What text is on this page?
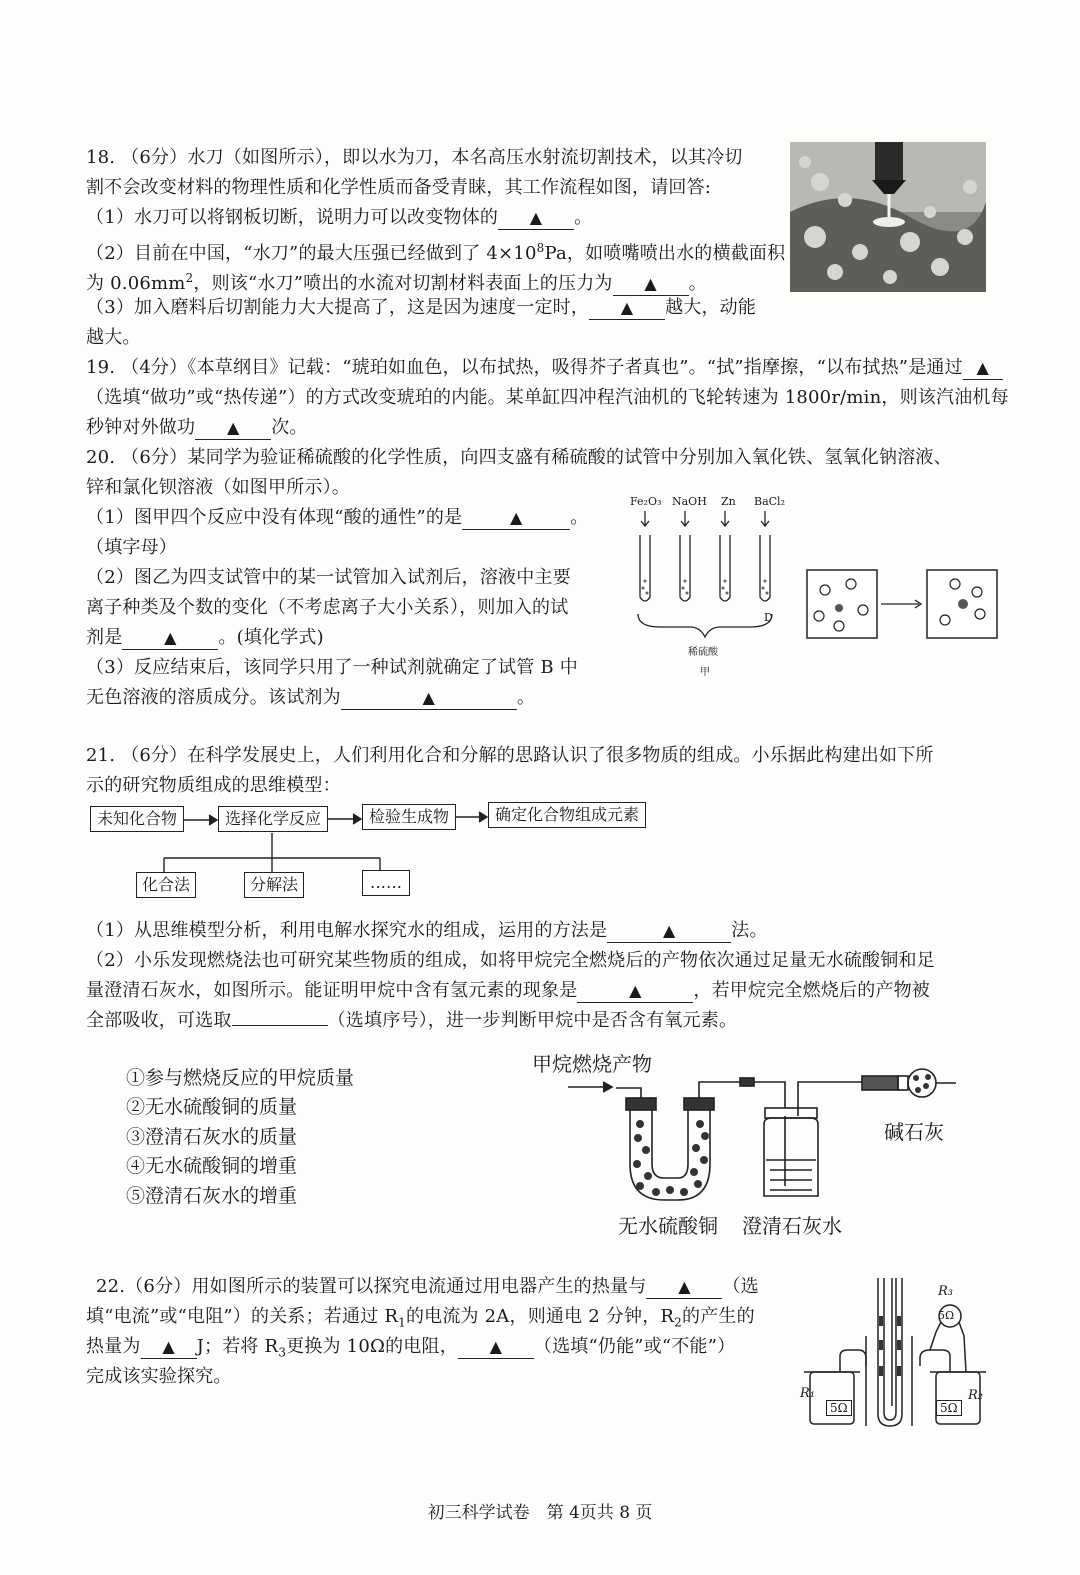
18. （6分）水刀（如图所示），即以水为刀，本名高压水射流切割技术，以其冷切
割不会改变材料的物理性质和化学性质而备受青睐，其工作流程如图，请回答:
（1）水刀可以将钢板切断，说明力可以改变物体的 ▲ 。
（2）目前在中国，“水刀”的最大压强已经做到了 $4\times 10^8Pa$，如喷嘴喷出水的横截面积
为 $0.06mm^2$，则该“水刀”喷出的水流对切割材料表面上的压力为 ▲ 。
（3）加入磨料后切割能力大大提高了，这是因为速度一定时， ▲ 越大，动能
越大。
19. （4分）《本草纲目》记载：“琥珀如血色，以布拭热，吸得芥子者真也”。“拭”指摩擦，“以布拭热”是通过 ▲
（选填“做功”或“热传递”）的方式改变琥珀的内能。某单缸四冲程汽油机的飞轮转速为 1800r/min，则该汽油机每
秒钟对外做功 ▲ 次。
20. （6分）某同学为验证稀硫酸的化学性质，向四支盛有稀硫酸的试管中分别加入氧化铁、氢氧化钠溶液、
锌和氯化钡溶液（如图甲所示）。
（1）图甲四个反应中没有体现“酸的通性”的是	▲	。
（填字母）
（2）图乙为四支试管中的某一试管加入试剂后，溶液中主要
离子种类及个数的变化（不考虑离子大小关系），则加入的试
剂是	▲ 。(填化学式)
（3）反应结束后，该同学只用了一种试剂就确定了试管 B 中
无色溶液的溶质成分。该试剂为	▲	。
Fe₂O₃ NaOH Zn BaCl₂
D
稀硫酸
甲
21. （6分）在科学发展史上，人们利用化合和分解的思路认识了很多物质的组成。小乐据此构建出如下所
示的研究物质组成的思维模型：
未知化合物	选择化学反应	检验生成物	确定化合物组成元素
化合法	分解法	……
（1）从思维模型分析，利用电解水探究水的组成，运用的方法是	▲	法。
（2）小乐发现燃烧法也可研究某些物质的组成，如将甲烷完全燃烧后的产物依次通过足量无水硫酸铜和足
量澄清石灰水，如图所示。能证明甲烷中含有氢元素的现象是	▲	，若甲烷完全燃烧后的产物被
全部吸收，可选取	（选填序号），进一步判断甲烷中是否含有氧元素。
①参与燃烧反应的甲烷质量
②无水硫酸铜的质量
③澄清石灰水的质量
④无水硫酸铜的增重
⑤澄清石灰水的增重
甲烷燃烧产物
碱石灰
无水硫酸铜 澄清石灰水
22.（6分）用如图所示的装置可以探究电流通过用电器产生的热量与 ▲ （选
填“电流”或“电阻”）的关系；若通过 $R_1$的电流为 2A，则通电 2 分钟，$R_2$的产生的
热量为 ▲ J；若将 $R_3$更换为 10Ω的电阻， ▲ （选填“仍能”或“不能”）
完成该实验探究。
R₃
5Ω
R₁	R₂
5Ω	5Ω
初三科学试卷　第 4页共 8 页
